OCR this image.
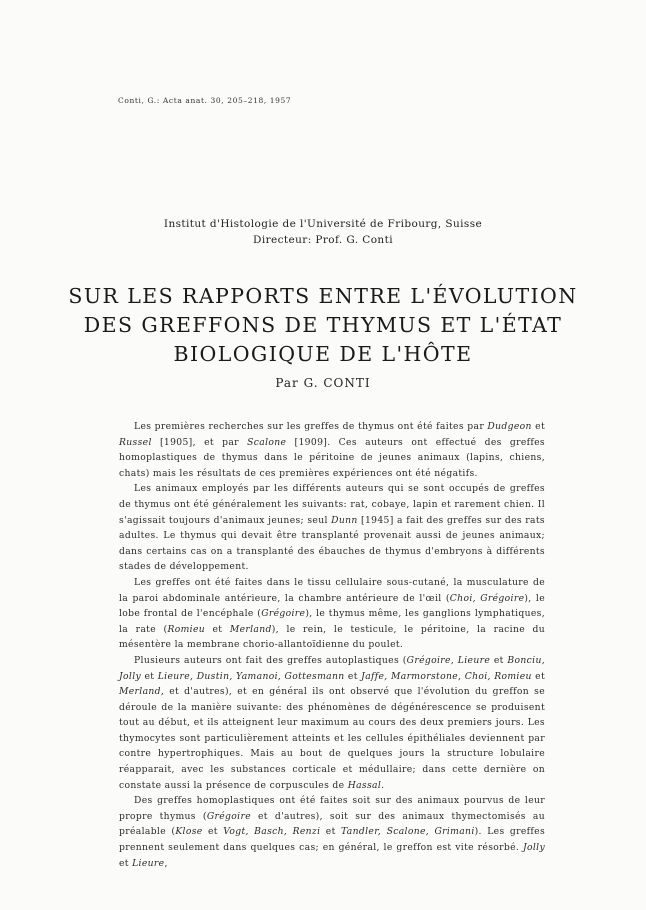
Conti, G.: Acta anat. 30, 205–218, 1957
Institut d'Histologie de l'Université de Fribourg, Suisse
Directeur: Prof. G. Conti
SUR LES RAPPORTS ENTRE L'ÉVOLUTION
DES GREFFONS DE THYMUS ET L'ÉTAT
BIOLOGIQUE DE L'HÔTE
Par G. CONTI

Les premières recherches sur les greffes de thymus ont été faites par Dudgeon et Russel [1905], et par Scalone [1909]. Ces auteurs ont effectué des greffes homoplastiques de thymus dans le péritoine de jeunes animaux (lapins, chiens, chats) mais les résultats de ces premières expériences ont été négatifs.

Les animaux employés par les différents auteurs qui se sont occupés de greffes de thymus ont été généralement les suivants: rat, cobaye, lapin et rarement chien. Il s'agissait toujours d'animaux jeunes; seul Dunn [1945] a fait des greffes sur des rats adultes. Le thymus qui devait être transplanté provenait aussi de jeunes animaux; dans certains cas on a transplanté des ébauches de thymus d'embryons à différents stades de développement.

Les greffes ont été faites dans le tissu cellulaire sous-cutané, la musculature de la paroi abdominale antérieure, la chambre antérieure de l'œil (Choi, Grégoire), le lobe frontal de l'encéphale (Grégoire), le thymus même, les ganglions lymphatiques, la rate (Romieu et Merland), le rein, le testicule, le péritoine, la racine du mésentère la membrane chorio-allantoïdienne du poulet.

Plusieurs auteurs ont fait des greffes autoplastiques (Grégoire, Lieure et Bonciu, Jolly et Lieure, Dustin, Yamanoi, Gottesmann et Jaffe, Marmorstone, Choi, Romieu et Merland, et d'autres), et en général ils ont observé que l'évolution du greffon se déroule de la manière suivante: des phénomènes de dégénérescence se produisent tout au début, et ils atteignent leur maximum au cours des deux premiers jours. Les thymocytes sont particulièrement atteints et les cellules épithéliales deviennent par contre hypertrophiques. Mais au bout de quelques jours la structure lobulaire réapparait, avec les substances corticale et médullaire; dans cette dernière on constate aussi la présence de corpuscules de Hassal.

Des greffes homoplastiques ont été faites soit sur des animaux pourvus de leur propre thymus (Grégoire et d'autres), soit sur des animaux thymectomisés au préalable (Klose et Vogt, Basch, Renzi et Tandler, Scalone, Grimani). Les greffes prennent seulement dans quelques cas; en général, le greffon est vite résorbé. Jolly et Lieure,
